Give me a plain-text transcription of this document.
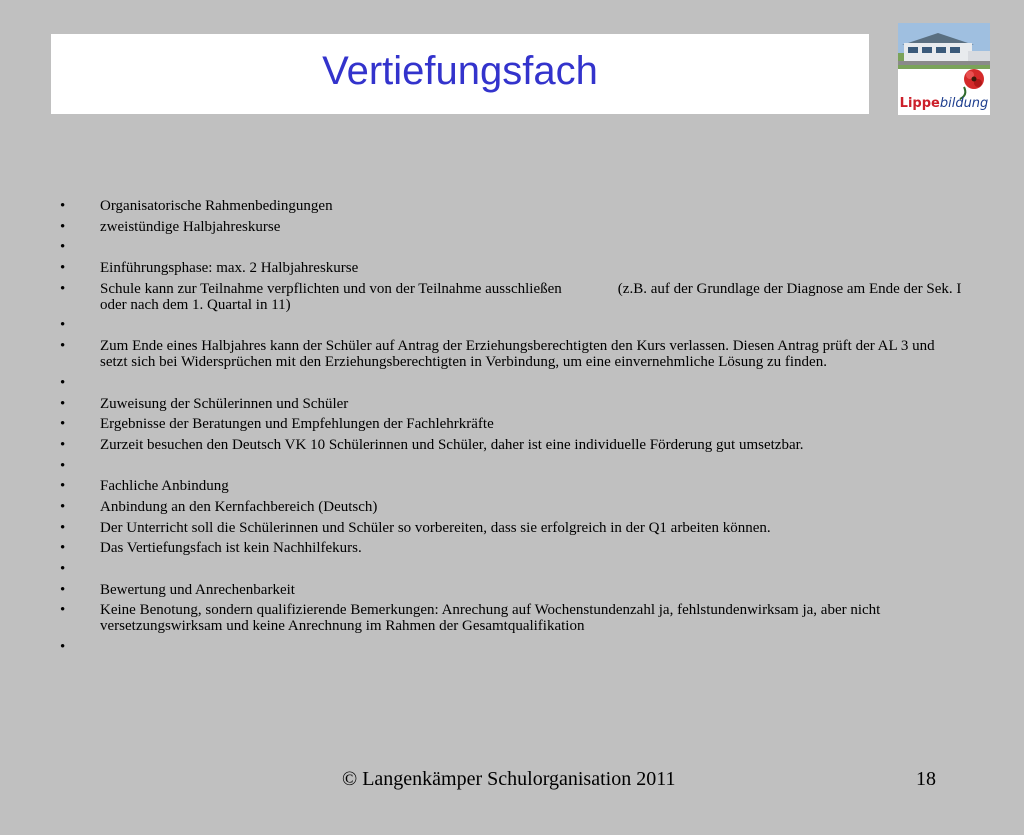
Vertiefungsfach
Lippebildung
• Organisatorische Rahmenbedingungen
• zweistündige Halbjahreskurse
•
• Einführungsphase: max. 2 Halbjahreskurse
• Schule kann zur Teilnahme verpflichten und von der Teilnahme ausschließen	(z.B. auf der Grundlage der Diagnose am Ende der Sek. I oder nach dem 1. Quartal in 11)
•
• Zum Ende eines Halbjahres kann der Schüler auf Antrag der Erziehungsberechtigten den Kurs verlassen. Diesen Antrag prüft der AL 3 und setzt sich bei Widersprüchen mit den Erziehungsberechtigten in Verbindung, um eine einvernehmliche Lösung zu finden.
•
• Zuweisung der Schülerinnen und Schüler
• Ergebnisse der Beratungen und Empfehlungen der Fachlehrkräfte
• Zurzeit besuchen den Deutsch VK 10 Schülerinnen und Schüler, daher ist eine individuelle Förderung gut umsetzbar.
•
• Fachliche Anbindung
• Anbindung an den Kernfachbereich (Deutsch)
• Der Unterricht soll die Schülerinnen und Schüler so vorbereiten, dass sie erfolgreich in der Q1 arbeiten können.
• Das Vertiefungsfach ist kein Nachhilfekurs.
•
• Bewertung und Anrechenbarkeit
• Keine Benotung, sondern qualifizierende Bemerkungen: Anrechung auf Wochenstundenzahl ja, fehlstundenwirksam ja, aber nicht versetzungswirksam und keine Anrechnung im Rahmen der Gesamtqualifikation
•
© Langenkämper Schulorganisation 2011	18
